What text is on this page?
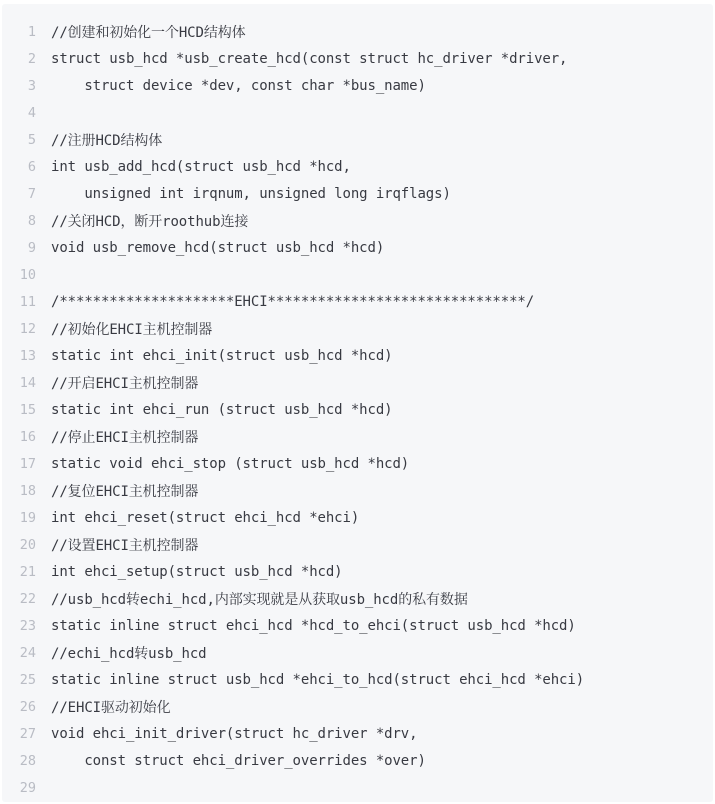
1	//创建和初始化一个HCD结构体
2	struct usb_hcd *usb_create_hcd(const struct hc_driver *driver,
3	struct device *dev, const char *bus_name)
4
5	//注册HCD结构体
6	int usb_add_hcd(struct usb_hcd *hcd,
7	unsigned int irqnum, unsigned long irqflags)
8	//关闭HCD，断开roothub连接
9	void usb_remove_hcd(struct usb_hcd *hcd)
10
11	/*********************EHCI*******************************/
12	//初始化EHCI主机控制器
13	static int ehci_init(struct usb_hcd *hcd)
14	//开启EHCI主机控制器
15	static int ehci_run (struct usb_hcd *hcd)
16	//停止EHCI主机控制器
17	static void ehci_stop (struct usb_hcd *hcd)
18	//复位EHCI主机控制器
19	int ehci_reset(struct ehci_hcd *ehci)
20	//设置EHCI主机控制器
21	int ehci_setup(struct usb_hcd *hcd)
22	//usb_hcd转echi_hcd,内部实现就是从获取usb_hcd的私有数据
23	static inline struct ehci_hcd *hcd_to_ehci(struct usb_hcd *hcd)
24	//echi_hcd转usb_hcd
25	static inline struct usb_hcd *ehci_to_hcd(struct ehci_hcd *ehci)
26	//EHCI驱动初始化
27	void ehci_init_driver(struct hc_driver *drv,
28	const struct ehci_driver_overrides *over)
29
